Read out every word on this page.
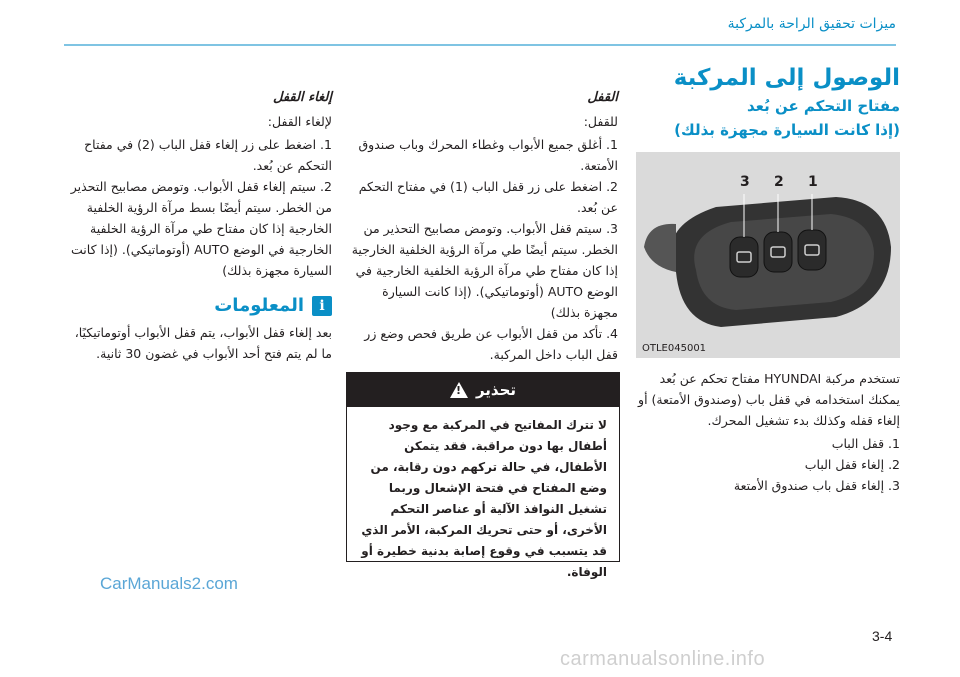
ميزات تحقيق الراحة بالمركبة
الوصول إلى المركبة
مفتاح التحكم عن بُعد
(إذا كانت السيارة مجهزة بذلك)
3 2 1
OTLE045001

تستخدم مركبة HYUNDAI مفتاح تحكم عن بُعد يمكنك استخدامه في قفل باب (وصندوق الأمتعة) أو إلغاء قفله وكذلك بدء تشغيل المحرك.

1. قفل الباب
2. إلغاء قفل الباب
3. إلغاء قفل باب صندوق الأمتعة
القفل

للقفل:

1. أغلق جميع الأبواب وغطاء المحرك وباب صندوق الأمتعة.
2. اضغط على زر قفل الباب (1) في مفتاح التحكم عن بُعد.
3. سيتم قفل الأبواب. وتومض مصابيح التحذير من الخطر. سيتم أيضًا طي مرآة الرؤية الخلفية الخارجية إذا كان مفتاح طي مرآة الرؤية الخلفية الخارجية في الوضع AUTO (أوتوماتيكي). (إذا كانت السيارة مجهزة بذلك)
4. تأكد من قفل الأبواب عن طريق فحص وضع زر قفل الباب داخل المركبة.
إلغاء القفل

لإلغاء القفل:

1. اضغط على زر إلغاء قفل الباب (2) في مفتاح التحكم عن بُعد.
2. سيتم إلغاء قفل الأبواب. وتومض مصابيح التحذير من الخطر. سيتم أيضًا بسط مرآة الرؤية الخلفية الخارجية إذا كان مفتاح طي مرآة الرؤية الخلفية الخارجية في الوضع AUTO (أوتوماتيكي). (إذا كانت السيارة مجهزة بذلك)
i
المعلومات

بعد إلغاء قفل الأبواب، يتم قفل الأبواب أوتوماتيكيًا، ما لم يتم فتح أحد الأبواب في غضون 30 ثانية.

تحذير
!
لا تترك المفاتيح في المركبة مع وجود أطفال بها دون مراقبة. فقد يتمكن الأطفال، في حالة تركهم دون رقابة، من وضع المفتاح في فتحة الإشعال وربما تشغيل النوافذ الآلية أو عناصر التحكم الأخرى، أو حتى تحريك المركبة، الأمر الذي قد يتسبب في وقوع إصابة بدنية خطيرة أو الوفاة.
CarManuals2.com
3-4
carmanualsonline.info
